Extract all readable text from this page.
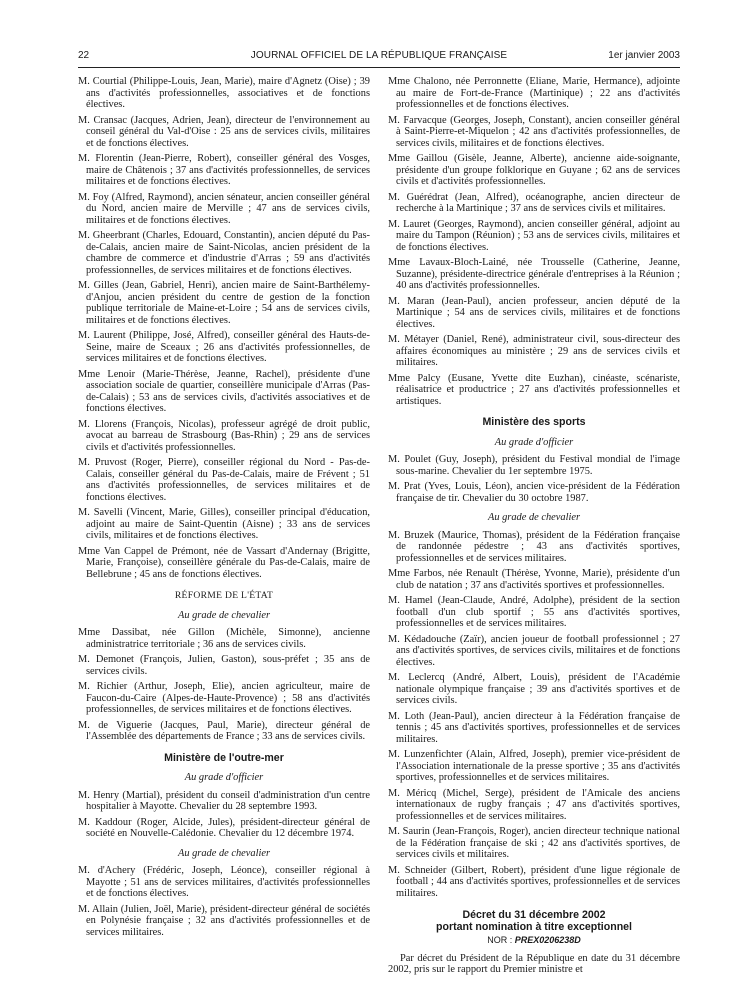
22	JOURNAL OFFICIEL DE LA RÉPUBLIQUE FRANÇAISE	1er janvier 2003

M. Courtial (Philippe-Louis, Jean, Marie), maire d'Agnetz (Oise) ; 39 ans d'activités professionnelles, associatives et de fonctions électives.

M. Cransac (Jacques, Adrien, Jean), directeur de l'environnement au conseil général du Val-d'Oise : 25 ans de services civils, militaires et de fonctions électives.

M. Florentin (Jean-Pierre, Robert), conseiller général des Vosges, maire de Châtenois ; 37 ans d'activités professionnelles, de services militaires et de fonctions électives.

M. Foy (Alfred, Raymond), ancien sénateur, ancien conseiller général du Nord, ancien maire de Merville ; 47 ans de services civils, militaires et de fonctions électives.

M. Gheerbrant (Charles, Edouard, Constantin), ancien député du Pas-de-Calais, ancien maire de Saint-Nicolas, ancien président de la chambre de commerce et d'industrie d'Arras ; 59 ans d'activités professionnelles, de services militaires et de fonctions électives.

M. Gilles (Jean, Gabriel, Henri), ancien maire de Saint-Barthélemy-d'Anjou, ancien président du centre de gestion de la fonction publique territoriale de Maine-et-Loire ; 54 ans de services civils, militaires et de fonctions électives.

M. Laurent (Philippe, José, Alfred), conseiller général des Hauts-de-Seine, maire de Sceaux ; 26 ans d'activités professionnelles, de services militaires et de fonctions électives.

Mme Lenoir (Marie-Thérèse, Jeanne, Rachel), présidente d'une association sociale de quartier, conseillère municipale d'Arras (Pas-de-Calais) ; 53 ans de services civils, d'activités associatives et de fonctions électives.

M. Llorens (François, Nicolas), professeur agrégé de droit public, avocat au barreau de Strasbourg (Bas-Rhin) ; 29 ans de services civils et d'activités professionnelles.

M. Pruvost (Roger, Pierre), conseiller régional du Nord - Pas-de-Calais, conseiller général du Pas-de-Calais, maire de Frévent ; 51 ans d'activités professionnelles, de services militaires et de fonctions électives.

M. Savelli (Vincent, Marie, Gilles), conseiller principal d'éducation, adjoint au maire de Saint-Quentin (Aisne) ; 33 ans de services civils, militaires et de fonctions électives.

Mme Van Cappel de Prémont, née de Vassart d'Andernay (Brigitte, Marie, Françoise), conseillère générale du Pas-de-Calais, maire de Bellebrune ; 45 ans de fonctions électives.

RÉFORME DE L'ÉTAT
Au grade de chevalier

Mme Dassibat, née Gillon (Michèle, Simonne), ancienne administratrice territoriale ; 36 ans de services civils.

M. Demonet (François, Julien, Gaston), sous-préfet ; 35 ans de services civils.

M. Richier (Arthur, Joseph, Elie), ancien agriculteur, maire de Faucon-du-Caire (Alpes-de-Haute-Provence) ; 58 ans d'activités professionnelles, de services militaires et de fonctions électives.

M. de Viguerie (Jacques, Paul, Marie), directeur général de l'Assemblée des départements de France ; 33 ans de services civils.

Ministère de l'outre-mer
Au grade d'officier

M. Henry (Martial), président du conseil d'administration d'un centre hospitalier à Mayotte. Chevalier du 28 septembre 1993.

M. Kaddour (Roger, Alcide, Jules), président-directeur général de société en Nouvelle-Calédonie. Chevalier du 12 décembre 1974.

Au grade de chevalier

M. d'Achery (Frédéric, Joseph, Léonce), conseiller régional à Mayotte ; 51 ans de services militaires, d'activités professionnelles et de fonctions électives.

M. Allain (Julien, Joël, Marie), président-directeur général de sociétés en Polynésie française ; 32 ans d'activités professionnelles et de services militaires.

Mme Chalono, née Perronnette (Eliane, Marie, Hermance), adjointe au maire de Fort-de-France (Martinique) ; 22 ans d'activités professionnelles et de fonctions électives.

M. Farvacque (Georges, Joseph, Constant), ancien conseiller général à Saint-Pierre-et-Miquelon ; 42 ans d'activités professionnelles, de services civils, militaires et de fonctions électives.

Mme Gaillou (Gisèle, Jeanne, Alberte), ancienne aide-soignante, présidente d'un groupe folklorique en Guyane ; 62 ans de services civils et d'activités professionnelles.

M. Guérédrat (Jean, Alfred), océanographe, ancien directeur de recherche à la Martinique ; 37 ans de services civils et militaires.

M. Lauret (Georges, Raymond), ancien conseiller général, adjoint au maire du Tampon (Réunion) ; 53 ans de services civils, militaires et de fonctions électives.

Mme Lavaux-Bloch-Lainé, née Trousselle (Catherine, Jeanne, Suzanne), présidente-directrice générale d'entreprises à la Réunion ; 40 ans d'activités professionnelles.

M. Maran (Jean-Paul), ancien professeur, ancien député de la Martinique ; 54 ans de services civils, militaires et de fonctions électives.

M. Métayer (Daniel, René), administrateur civil, sous-directeur des affaires économiques au ministère ; 29 ans de services civils et militaires.

Mme Palcy (Eusane, Yvette dite Euzhan), cinéaste, scénariste, réalisatrice et productrice ; 27 ans d'activités professionnelles et artistiques.

Ministère des sports
Au grade d'officier

M. Poulet (Guy, Joseph), président du Festival mondial de l'image sous-marine. Chevalier du 1er septembre 1975.

M. Prat (Yves, Louis, Léon), ancien vice-président de la Fédération française de tir. Chevalier du 30 octobre 1987.

Au grade de chevalier

M. Bruzek (Maurice, Thomas), président de la Fédération française de randonnée pédestre ; 43 ans d'activités sportives, professionnelles et de services militaires.

Mme Farbos, née Renault (Thérèse, Yvonne, Marie), présidente d'un club de natation ; 37 ans d'activités sportives et professionnelles.

M. Hamel (Jean-Claude, André, Adolphe), président de la section football d'un club sportif ; 55 ans d'activités sportives, professionnelles et de services militaires.

M. Kédadouche (Zaïr), ancien joueur de football professionnel ; 27 ans d'activités sportives, de services civils, militaires et de fonctions électives.

M. Leclercq (André, Albert, Louis), président de l'Académie nationale olympique française ; 39 ans d'activités sportives et de services civils.

M. Loth (Jean-Paul), ancien directeur à la Fédération française de tennis ; 45 ans d'activités sportives, professionnelles et de services militaires.

M. Lunzenfichter (Alain, Alfred, Joseph), premier vice-président de l'Association internationale de la presse sportive ; 35 ans d'activités sportives, professionnelles et de services militaires.

M. Méricq (Michel, Serge), président de l'Amicale des anciens internationaux de rugby français ; 47 ans d'activités sportives, professionnelles et de services militaires.

M. Saurin (Jean-François, Roger), ancien directeur technique national de la Fédération française de ski ; 42 ans d'activités sportives, de services civils et militaires.

M. Schneider (Gilbert, Robert), président d'une ligue régionale de football ; 44 ans d'activités sportives, professionnelles et de services militaires.

Décret du 31 décembre 2002
portant nomination à titre exceptionnel
NOR : PREX0206238D

Par décret du Président de la République en date du 31 décembre 2002, pris sur le rapport du Premier ministre et
